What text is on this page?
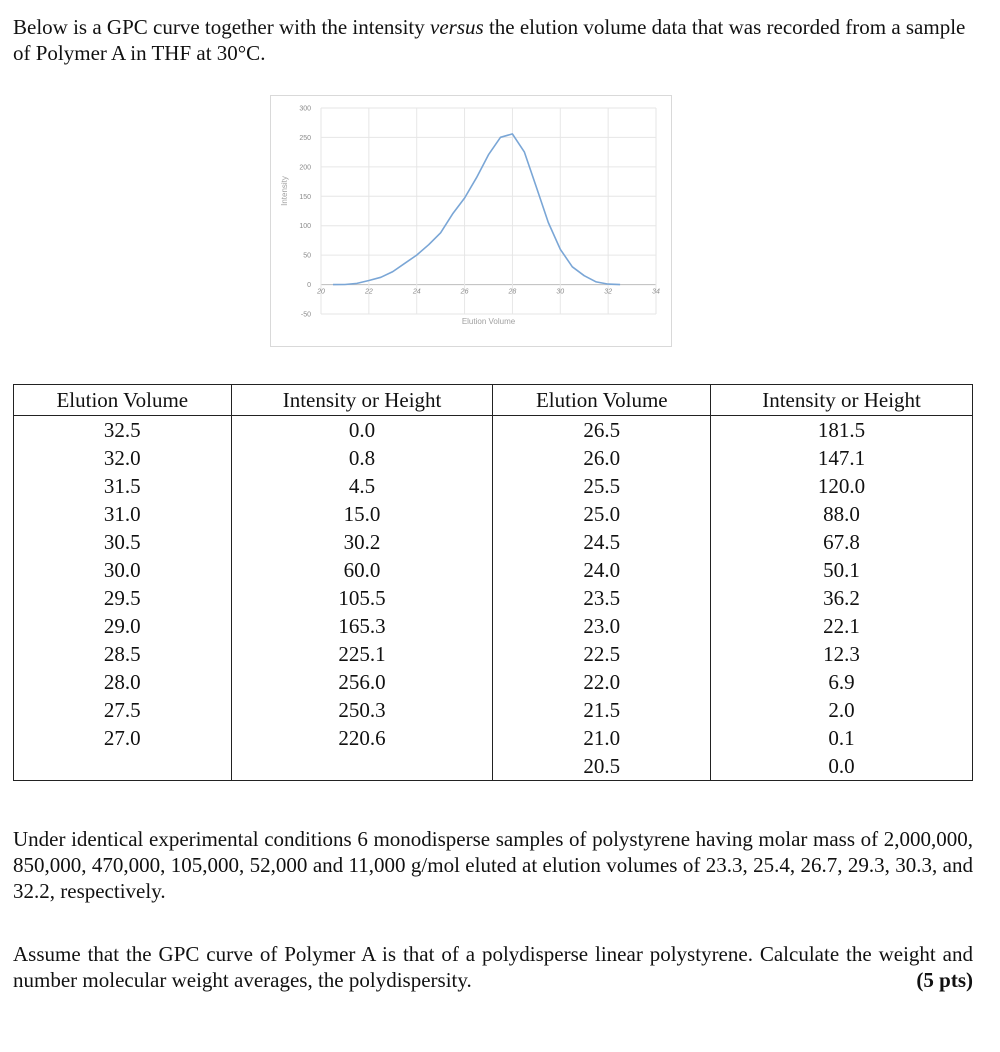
Below is a GPC curve together with the intensity versus the elution volume data that was recorded from a sample of Polymer A in THF at 30°C.

300
250
200
150
100
50
0
-50
20	22	24	26	28	30	32	34
Elution Volume
Intensity
Elution Volume	Intensity or Height	Elution Volume	Intensity or Height
32.5	0.0	26.5	181.5
32.0	0.8	26.0	147.1
31.5	4.5	25.5	120.0
31.0	15.0	25.0	88.0
30.5	30.2	24.5	67.8
30.0	60.0	24.0	50.1
29.5	105.5	23.5	36.2
29.0	165.3	23.0	22.1
28.5	225.1	22.5	12.3
28.0	256.0	22.0	6.9
27.5	250.3	21.5	2.0
27.0	220.6	21.0	0.1
		20.5	0.0

Under identical experimental conditions 6 monodisperse samples of polystyrene having molar mass of 2,000,000, 850,000, 470,000, 105,000, 52,000 and 11,000 g/mol eluted at elution volumes of 23.3, 25.4, 26.7, 29.3, 30.3, and 32.2, respectively.

Assume that the GPC curve of Polymer A is that of a polydisperse linear polystyrene. Calculate the weight and number molecular weight averages, the polydispersity.	(5 pts)
